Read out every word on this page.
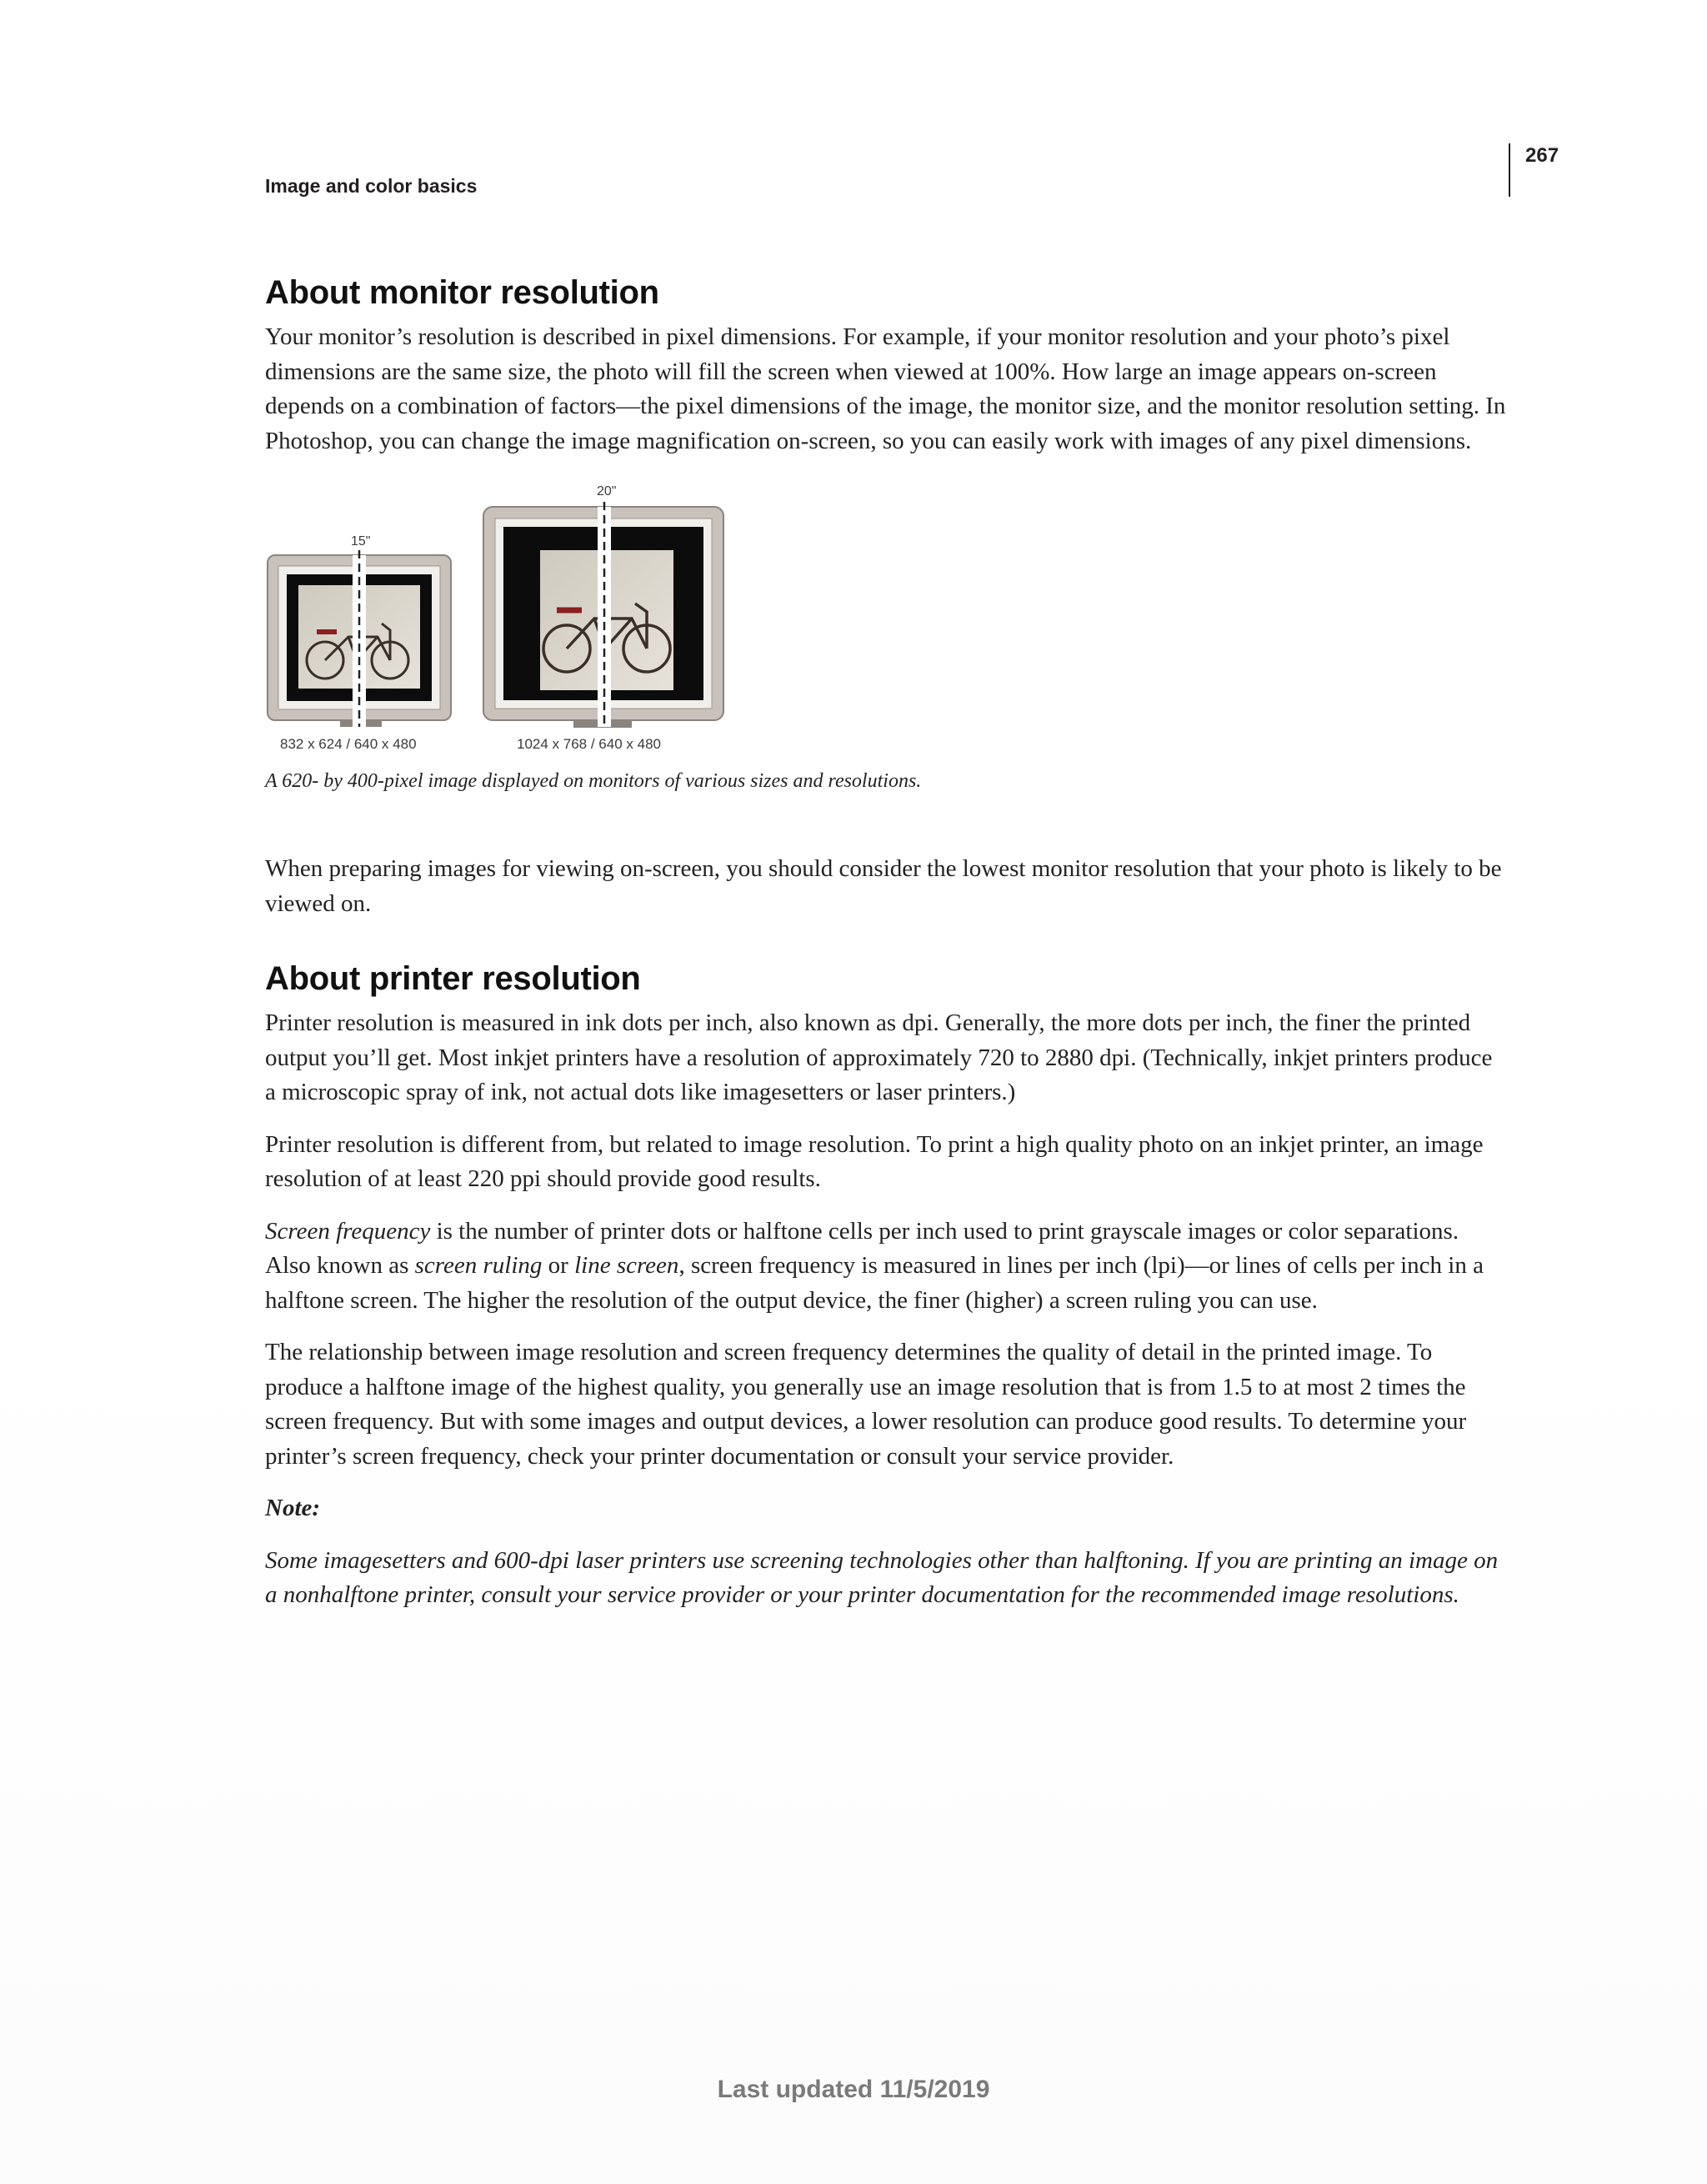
267
Image and color basics
About monitor resolution

Your monitor’s resolution is described in pixel dimensions. For example, if your monitor resolution and your photo’s pixel dimensions are the same size, the photo will fill the screen when viewed at 100%. How large an image appears on-screen depends on a combination of factors—the pixel dimensions of the image, the monitor size, and the monitor resolution setting. In Photoshop, you can change the image magnification on-screen, so you can easily work with images of any pixel dimensions.

15"
832 x 624 / 640 x 480
20"
1024 x 768 / 640 x 480
A 620- by 400-pixel image displayed on monitors of various sizes and resolutions.

When preparing images for viewing on-screen, you should consider the lowest monitor resolution that your photo is likely to be viewed on.

About printer resolution

Printer resolution is measured in ink dots per inch, also known as dpi. Generally, the more dots per inch, the finer the printed output you’ll get. Most inkjet printers have a resolution of approximately 720 to 2880 dpi. (Technically, inkjet printers produce a microscopic spray of ink, not actual dots like imagesetters or laser printers.)

Printer resolution is different from, but related to image resolution. To print a high quality photo on an inkjet printer, an image resolution of at least 220 ppi should provide good results.

Screen frequency is the number of printer dots or halftone cells per inch used to print grayscale images or color separations. Also known as screen ruling or line screen, screen frequency is measured in lines per inch (lpi)—or lines of cells per inch in a halftone screen. The higher the resolution of the output device, the finer (higher) a screen ruling you can use.

The relationship between image resolution and screen frequency determines the quality of detail in the printed image. To produce a halftone image of the highest quality, you generally use an image resolution that is from 1.5 to at most 2 times the screen frequency. But with some images and output devices, a lower resolution can produce good results. To determine your printer’s screen frequency, check your printer documentation or consult your service provider.

Note:

Some imagesetters and 600-dpi laser printers use screening technologies other than halftoning. If you are printing an image on a nonhalftone printer, consult your service provider or your printer documentation for the recommended image resolutions.

Last updated 11/5/2019
